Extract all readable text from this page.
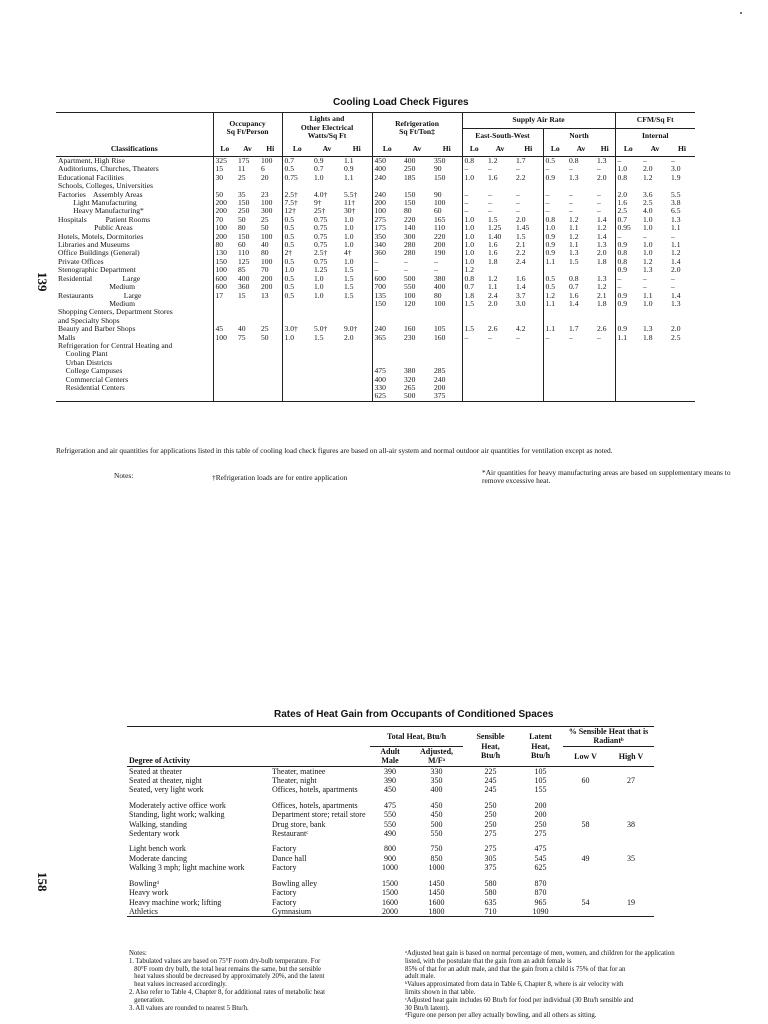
139
158
Cooling Load Check Figures
	Occupancy
Sq Ft/Person			Lights and
Other Electrical
Watts/Sq Ft			Refrigeration
Sq Ft/Ton‡			Supply Air Rate						CFM/Sq Ft		
										East-South-West			North			Internal		
Classifications	Lo	Av	Hi	Lo	Av	Hi	Lo	Av	Hi	Lo	Av	Hi	Lo	Av	Hi	Lo	Av	Hi
Apartment, High Rise	325	175	100	0.7	0.9	1.1	450	400	350	0.8	1.2	1.7	0.5	0.8	1.3	–	–	–
Auditoriums, Churches, Theaters	15	11	6	0.5	0.7	0.9	400	250	90	–	–	–	–	–	–	1.0	2.0	3.0
Educational Facilities	30	25	20	0.75	1.0	1.1	240	185	150	1.0	1.6	2.2	0.9	1.3	2.0	0.8	1.2	1.9
Schools, Colleges, Universities																		
Factories    Assembly Areas	50	35	23	2.5†	4.0†	5.5†	240	150	90	–	–	–	–	–	–	2.0	3.6	5.5
Light Manufacturing	200	150	100	7.5†	9†	11†	200	150	100	–	–	–	–	–	–	1.6	2.5	3.8
Heavy Manufacturing*	200	250	300	12†	25†	30†	100	80	60	–	–	–	–	–	–	2.5	4.0	6.5
Hospitals          Patient Rooms	70	50	25	0.5	0.75	1.0	275	220	165	1.0	1.5	2.0	0.8	1.2	1.4	0.7	1.0	1.3
Public Areas	100	80	50	0.5	0.75	1.0	175	140	110	1.0	1.25	1.45	1.0	1.1	1.2	0.95	1.0	1.1
Hotels, Motels, Dormitories	200	150	100	0.5	0.75	1.0	350	300	220	1.0	1.40	1.5	0.9	1.2	1.4	–	–	–
Libraries and Museums	80	60	40	0.5	0.75	1.0	340	280	200	1.0	1.6	2.1	0.9	1.1	1.3	0.9	1.0	1.1
Office Buildings (General)	130	110	80	2†	2.5†	4†	360	280	190	1.0	1.6	2.2	0.9	1.3	2.0	0.8	1.0	1.2
Private Offices	150	125	100	0.5	0.75	1.0	–	–	–	1.0	1.8	2.4	1.1	1.5	1.8	0.8	1.2	1.4
Stenographic Department	100	85	70	1.0	1.25	1.5	–	–	–	1.2						0.9	1.3	2.0
Residential                Large	600	400	200	0.5	1.0	1.5	600	500	380	0.8	1.2	1.6	0.5	0.8	1.3	–	–	–
Medium	600	360	200	0.5	1.0	1.5	700	550	400	0.7	1.1	1.4	0.5	0.7	1.2	–	–	–
Restaurants                Large	17	15	13	0.5	1.0	1.5	135	100	80	1.8	2.4	3.7	1.2	1.6	2.1	0.9	1.1	1.4
Medium							150	120	100	1.5	2.0	3.0	1.1	1.4	1.8	0.9	1.0	1.3
Shopping Centers, Department Stores																		
and Specialty Shops																		
Beauty and Barber Shops	45	40	25	3.0†	5.0†	9.0†	240	160	105	1.5	2.6	4.2	1.1	1.7	2.6	0.9	1.3	2.0
Malls	100	75	50	1.0	1.5	2.0	365	230	160	–	–	–	–	–	–	1.1	1.8	2.5
Refrigeration for Central Heating and																		
Cooling Plant																		
Urban Districts																		
College Campuses							475	380	285									
Commercial Centers							400	320	240									
Residential Centers							330	265	200									
							625	500	375									
Refrigeration and air quantities for applications listed in this table of cooling load check figures are based on all-air system and normal outdoor air quantities for ventilation except as noted.
Notes:	†Refrigeration loads are for entire application
*Air quantities for heavy manufacturing areas are based on supplementary means to remove excessive heat.
Rates of Heat Gain from Occupants of Conditioned Spaces
Degree of Activity		Total Heat, Btu/h		Sensible
Heat,
Btu/h	Latent
Heat,
Btu/h	% Sensible Heat that is
Radiantᵇ	
		Adult
Male	Adjusted,
M/Fᵃ			Low V	High V
Seated at theater	Theater, matinee	390	330	225	105		
Seated at theater, night	Theater, night	390	350	245	105	60	27
Seated, very light work	Offices, hotels, apartments	450	400	245	155		
Moderately active office work	Offices, hotels, apartments	475	450	250	200		
Standing, light work; walking	Department store; retail store	550	450	250	200		
Walking, standing	Drug store, bank	550	500	250	250	58	38
Sedentary work	Restaurantᶜ	490	550	275	275		
Light bench work	Factory	800	750	275	475		
Moderate dancing	Dance hall	900	850	305	545	49	35
Walking 3 mph; light machine work	Factory	1000	1000	375	625		
Bowlingᵈ	Bowling alley	1500	1450	580	870		
Heavy work	Factory	1500	1450	580	870		
Heavy machine work; lifting	Factory	1600	1600	635	965	54	19
Athletics	Gymnasium	2000	1800	710	1090		
Notes:
1. Tabulated values are based on 75°F room dry-bulb temperature. For
80°F room dry bulb, the total heat remains the same, but the sensible
heat values should be decreased by approximately 20%, and the latent
heat values increased accordingly.
2. Also refer to Table 4, Chapter 8, for additional rates of metabolic heat
generation.
3. All values are rounded to nearest 5 Btu/h.
ᵃAdjusted heat gain is based on normal percentage of men, women, and children for the application listed, with the postulate that the gain from an adult female is
85% of that for an adult male, and that the gain from a child is 75% of that for an
adult male.
ᵇValues approximated from data in Table 6, Chapter 8, where is air velocity with
limits shown in that table.
ᶜAdjusted heat gain includes 60 Btu/h for food per individual (30 Btu/h sensible and
30 Btu/h latent).
ᵈFigure one person per alley actually bowling, and all others as sitting.
